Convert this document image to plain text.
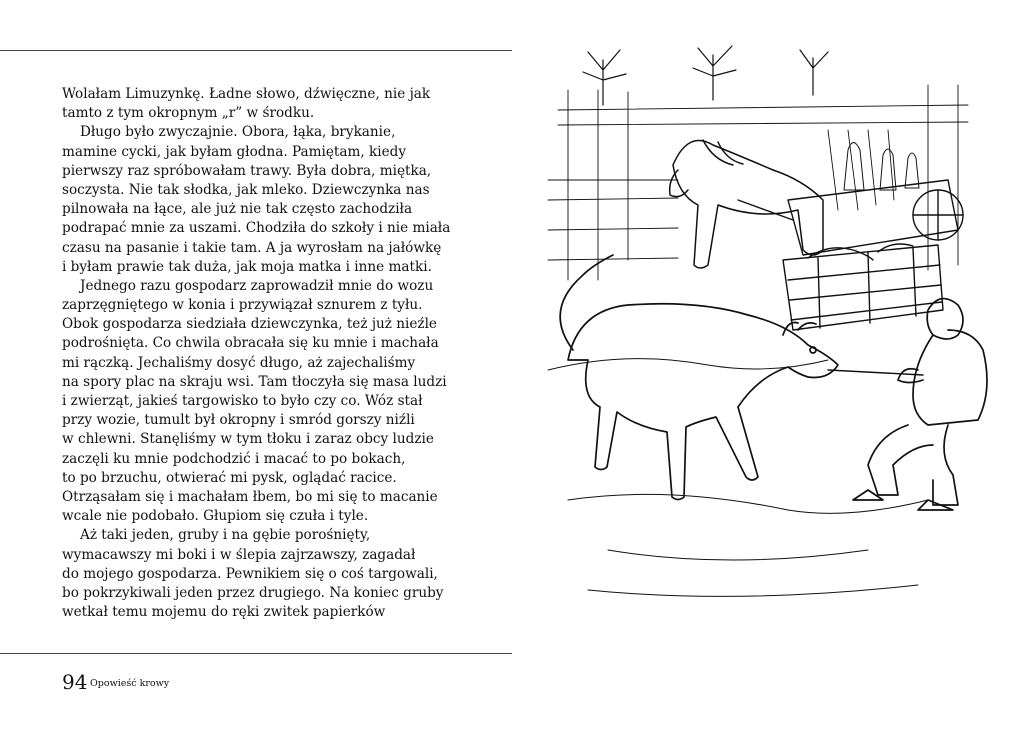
Wolałam Limuzynkę. Ładne słowo, dźwięczne, nie jak
tamto z tym okropnym „r” w środku.
Długo było zwyczajnie. Obora, łąka, brykanie,
mamine cycki, jak byłam głodna. Pamiętam, kiedy
pierwszy raz spróbowałam trawy. Była dobra, miętka,
soczysta. Nie tak słodka, jak mleko. Dziewczynka nas
pilnowała na łące, ale już nie tak często zachodziła
podrapać mnie za uszami. Chodziła do szkoły i nie miała
czasu na pasanie i takie tam. A ja wyrosłam na jałówkę
i byłam prawie tak duża, jak moja matka i inne matki.
Jednego razu gospodarz zaprowadził mnie do wozu
zaprzęgniętego w konia i przywiązał sznurem z tyłu.
Obok gospodarza siedziała dziewczynka, też już nieźle
podrośnięta. Co chwila obracała się ku mnie i machała
mi rączką. Jechaliśmy dosyć długo, aż zajechaliśmy
na spory plac na skraju wsi. Tam tłoczyła się masa ludzi
i zwierząt, jakieś targowisko to było czy co. Wóz stał
przy wozie, tumult był okropny i smród gorszy niźli
w chlewni. Stanęliśmy w tym tłoku i zaraz obcy ludzie
zaczęli ku mnie podchodzić i macać to po bokach,
to po brzuchu, otwierać mi pysk, oglądać racice.
Otrząsałam się i machałam łbem, bo mi się to macanie
wcale nie podobało. Głupiom się czuła i tyle.
Aż taki jeden, gruby i na gębie porośnięty,
wymacawszy mi boki i w ślepia zajrzawszy, zagadał
do mojego gospodarza. Pewnikiem się o coś targowali,
bo pokrzykiwali jeden przez drugiego. Na koniec gruby
wetkał temu mojemu do ręki zwitek papierków
94 Opowieść krowy
